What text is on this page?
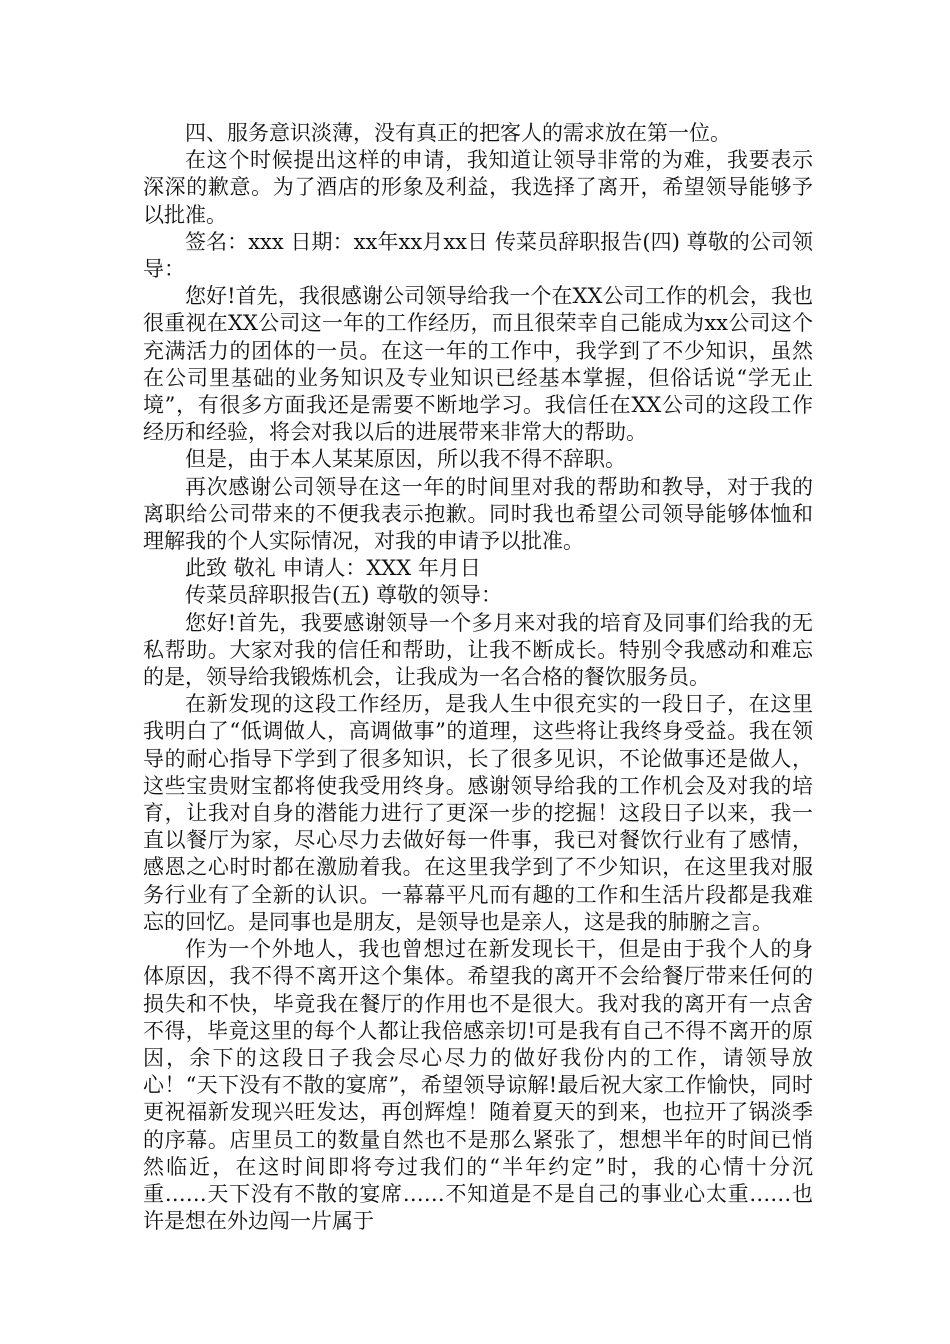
四、服务意识淡薄，没有真正的把客人的需求放在第一位。

在这个时候提出这样的申请，我知道让领导非常的为难，我要表示深深的歉意。为了酒店的形象及利益，我选择了离开，希望领导能够予以批准。

签名：xxx 日期：xx年xx月xx日 传菜员辞职报告(四) 尊敬的公司领导：

您好!首先，我很感谢公司领导给我一个在XX公司工作的机会，我也很重视在XX公司这一年的工作经历，而且很荣幸自己能成为xx公司这个充满活力的团体的一员。在这一年的工作中，我学到了不少知识，虽然在公司里基础的业务知识及专业知识已经基本掌握，但俗话说“学无止境”，有很多方面我还是需要不断地学习。我信任在XX公司的这段工作经历和经验，将会对我以后的进展带来非常大的帮助。

但是，由于本人某某原因，所以我不得不辞职。

再次感谢公司领导在这一年的时间里对我的帮助和教导，对于我的离职给公司带来的不便我表示抱歉。同时我也希望公司领导能够体恤和理解我的个人实际情况，对我的申请予以批准。

此致 敬礼 申请人：XXX 年月日

传菜员辞职报告(五) 尊敬的领导：

您好!首先，我要感谢领导一个多月来对我的培育及同事们给我的无私帮助。大家对我的信任和帮助，让我不断成长。特别令我感动和难忘的是，领导给我锻炼机会，让我成为一名合格的餐饮服务员。

在新发现的这段工作经历，是我人生中很充实的一段日子，在这里我明白了“低调做人，高调做事”的道理，这些将让我终身受益。我在领导的耐心指导下学到了很多知识，长了很多见识，不论做事还是做人，这些宝贵财宝都将使我受用终身。感谢领导给我的工作机会及对我的培育，让我对自身的潜能力进行了更深一步的挖掘！这段日子以来，我一直以餐厅为家，尽心尽力去做好每一件事，我已对餐饮行业有了感情，感恩之心时时都在激励着我。在这里我学到了不少知识，在这里我对服务行业有了全新的认识。一幕幕平凡而有趣的工作和生活片段都是我难忘的回忆。是同事也是朋友，是领导也是亲人，这是我的肺腑之言。

作为一个外地人，我也曾想过在新发现长干，但是由于我个人的身体原因，我不得不离开这个集体。希望我的离开不会给餐厅带来任何的损失和不快，毕竟我在餐厅的作用也不是很大。我对我的离开有一点舍不得，毕竟这里的每个人都让我倍感亲切!可是我有自己不得不离开的原因，余下的这段日子我会尽心尽力的做好我份内的工作，请领导放心！“天下没有不散的宴席”，希望领导谅解!最后祝大家工作愉快，同时更祝福新发现兴旺发达，再创辉煌！随着夏天的到来，也拉开了锅淡季的序幕。店里员工的数量自然也不是那么紧张了，想想半年的时间已悄然临近，在这时间即将夸过我们的“半年约定”时，我的心情十分沉重……天下没有不散的宴席……不知道是不是自己的事业心太重……也许是想在外边闯一片属于
